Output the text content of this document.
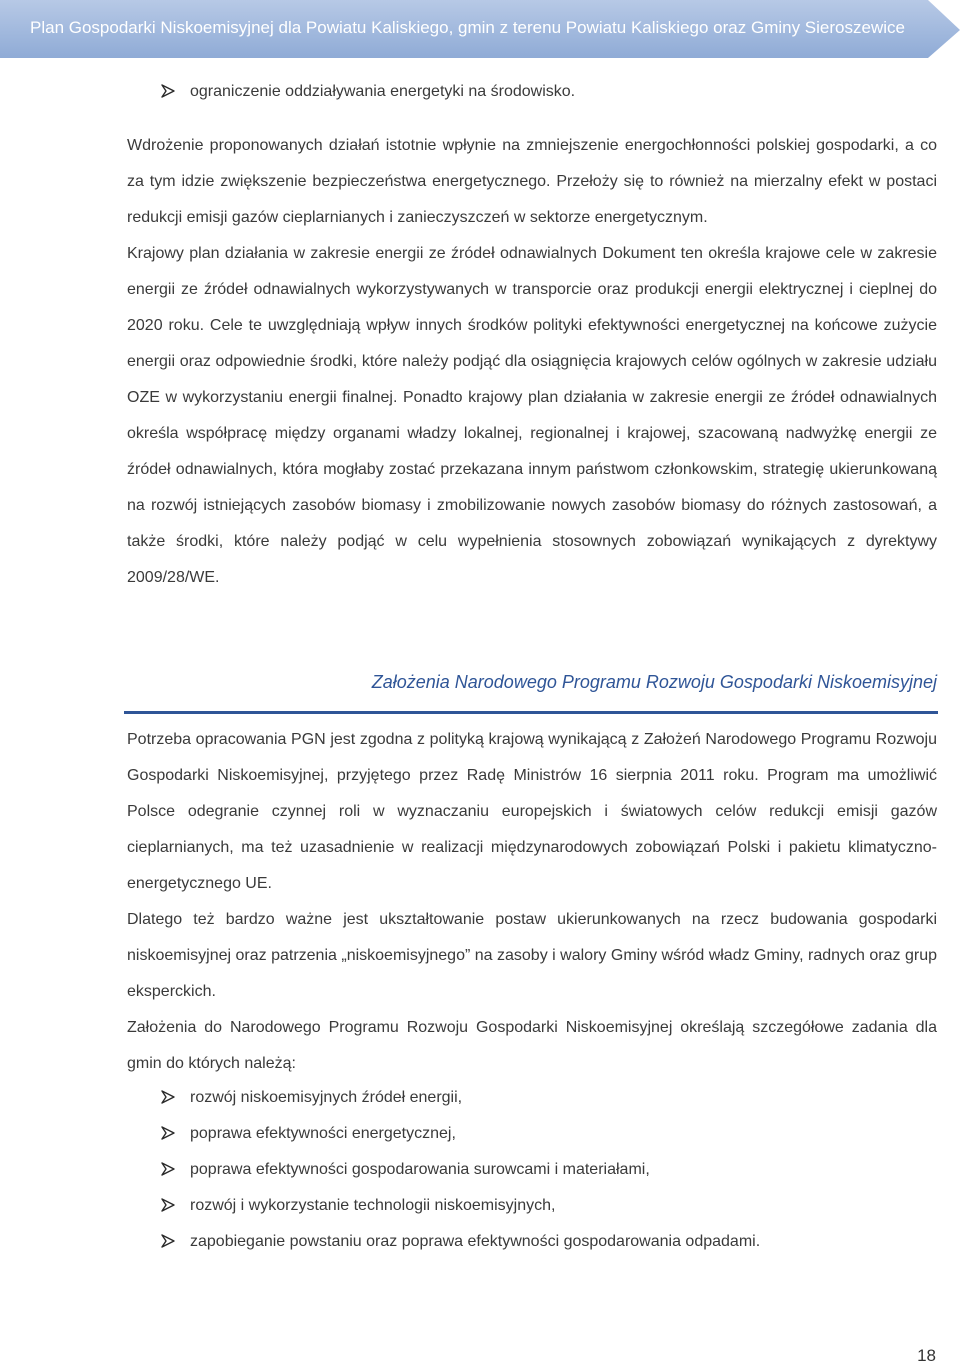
Plan Gospodarki Niskoemisyjnej dla Powiatu Kaliskiego, gmin z terenu Powiatu Kaliskiego oraz Gminy Sieroszewice
ograniczenie oddziaływania energetyki na środowisko.

Wdrożenie proponowanych działań istotnie wpłynie na zmniejszenie energochłonności polskiej gospodarki, a co za tym idzie zwiększenie bezpieczeństwa energetycznego. Przełoży się to również na mierzalny efekt w postaci redukcji emisji gazów cieplarnianych i zanieczyszczeń w sektorze energetycznym.

Krajowy plan działania w zakresie energii ze źródeł odnawialnych Dokument ten określa krajowe cele w zakresie energii ze źródeł odnawialnych wykorzystywanych w transporcie oraz produkcji energii elektrycznej i cieplnej do 2020 roku. Cele te uwzględniają wpływ innych środków polityki efektywności energetycznej na końcowe zużycie energii oraz odpowiednie środki, które należy podjąć dla osiągnięcia krajowych celów ogólnych w zakresie udziału OZE w wykorzystaniu energii finalnej. Ponadto krajowy plan działania w zakresie energii ze źródeł odnawialnych określa współpracę między organami władzy lokalnej, regionalnej i krajowej, szacowaną nadwyżkę energii ze źródeł odnawialnych, która mogłaby zostać przekazana innym państwom członkowskim, strategię ukierunkowaną na rozwój istniejących zasobów biomasy i zmobilizowanie nowych zasobów biomasy do różnych zastosowań, a także środki, które należy podjąć w celu wypełnienia stosownych zobowiązań wynikających z dyrektywy 2009/28/WE.

Założenia Narodowego Programu Rozwoju Gospodarki Niskoemisyjnej

Potrzeba opracowania PGN jest zgodna z polityką krajową wynikającą z Założeń Narodowego Programu Rozwoju Gospodarki Niskoemisyjnej, przyjętego przez Radę Ministrów 16 sierpnia 2011 roku. Program ma umożliwić Polsce odegranie czynnej roli w wyznaczaniu europejskich i światowych celów redukcji emisji gazów cieplarnianych, ma też uzasadnienie w realizacji międzynarodowych zobowiązań Polski i pakietu klimatyczno-energetycznego UE.

Dlatego też bardzo ważne jest ukształtowanie postaw ukierunkowanych na rzecz budowania gospodarki niskoemisyjnej oraz patrzenia „niskoemisyjnego” na zasoby i walory Gminy wśród władz Gminy, radnych oraz grup eksperckich.

Założenia do Narodowego Programu Rozwoju Gospodarki Niskoemisyjnej określają szczegółowe zadania dla gmin do których należą:

rozwój niskoemisyjnych źródeł energii,
poprawa efektywności energetycznej,
poprawa efektywności gospodarowania surowcami i materiałami,
rozwój i wykorzystanie technologii niskoemisyjnych,
zapobieganie powstaniu oraz poprawa efektywności gospodarowania odpadami.
18
